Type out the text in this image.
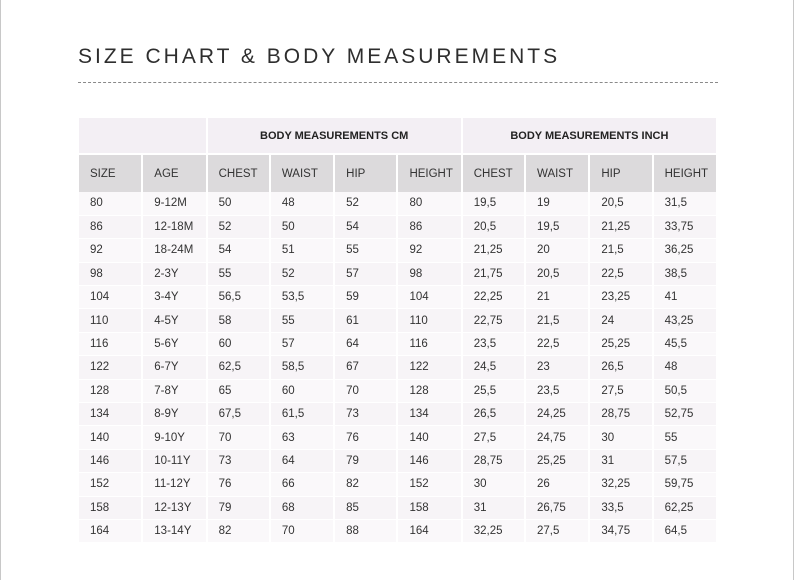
SIZE CHART & BODY MEASUREMENTS
		BODY MEASUREMENTS CM				BODY MEASUREMENTS INCH			
SIZE	AGE	CHEST	WAIST	HIP	HEIGHT	CHEST	WAIST	HIP	HEIGHT
80	9-12M	50	48	52	80	19,5	19	20,5	31,5
86	12-18M	52	50	54	86	20,5	19,5	21,25	33,75
92	18-24M	54	51	55	92	21,25	20	21,5	36,25
98	2-3Y	55	52	57	98	21,75	20,5	22,5	38,5
104	3-4Y	56,5	53,5	59	104	22,25	21	23,25	41
110	4-5Y	58	55	61	110	22,75	21,5	24	43,25
116	5-6Y	60	57	64	116	23,5	22,5	25,25	45,5
122	6-7Y	62,5	58,5	67	122	24,5	23	26,5	48
128	7-8Y	65	60	70	128	25,5	23,5	27,5	50,5
134	8-9Y	67,5	61,5	73	134	26,5	24,25	28,75	52,75
140	9-10Y	70	63	76	140	27,5	24,75	30	55
146	10-11Y	73	64	79	146	28,75	25,25	31	57,5
152	11-12Y	76	66	82	152	30	26	32,25	59,75
158	12-13Y	79	68	85	158	31	26,75	33,5	62,25
164	13-14Y	82	70	88	164	32,25	27,5	34,75	64,5
